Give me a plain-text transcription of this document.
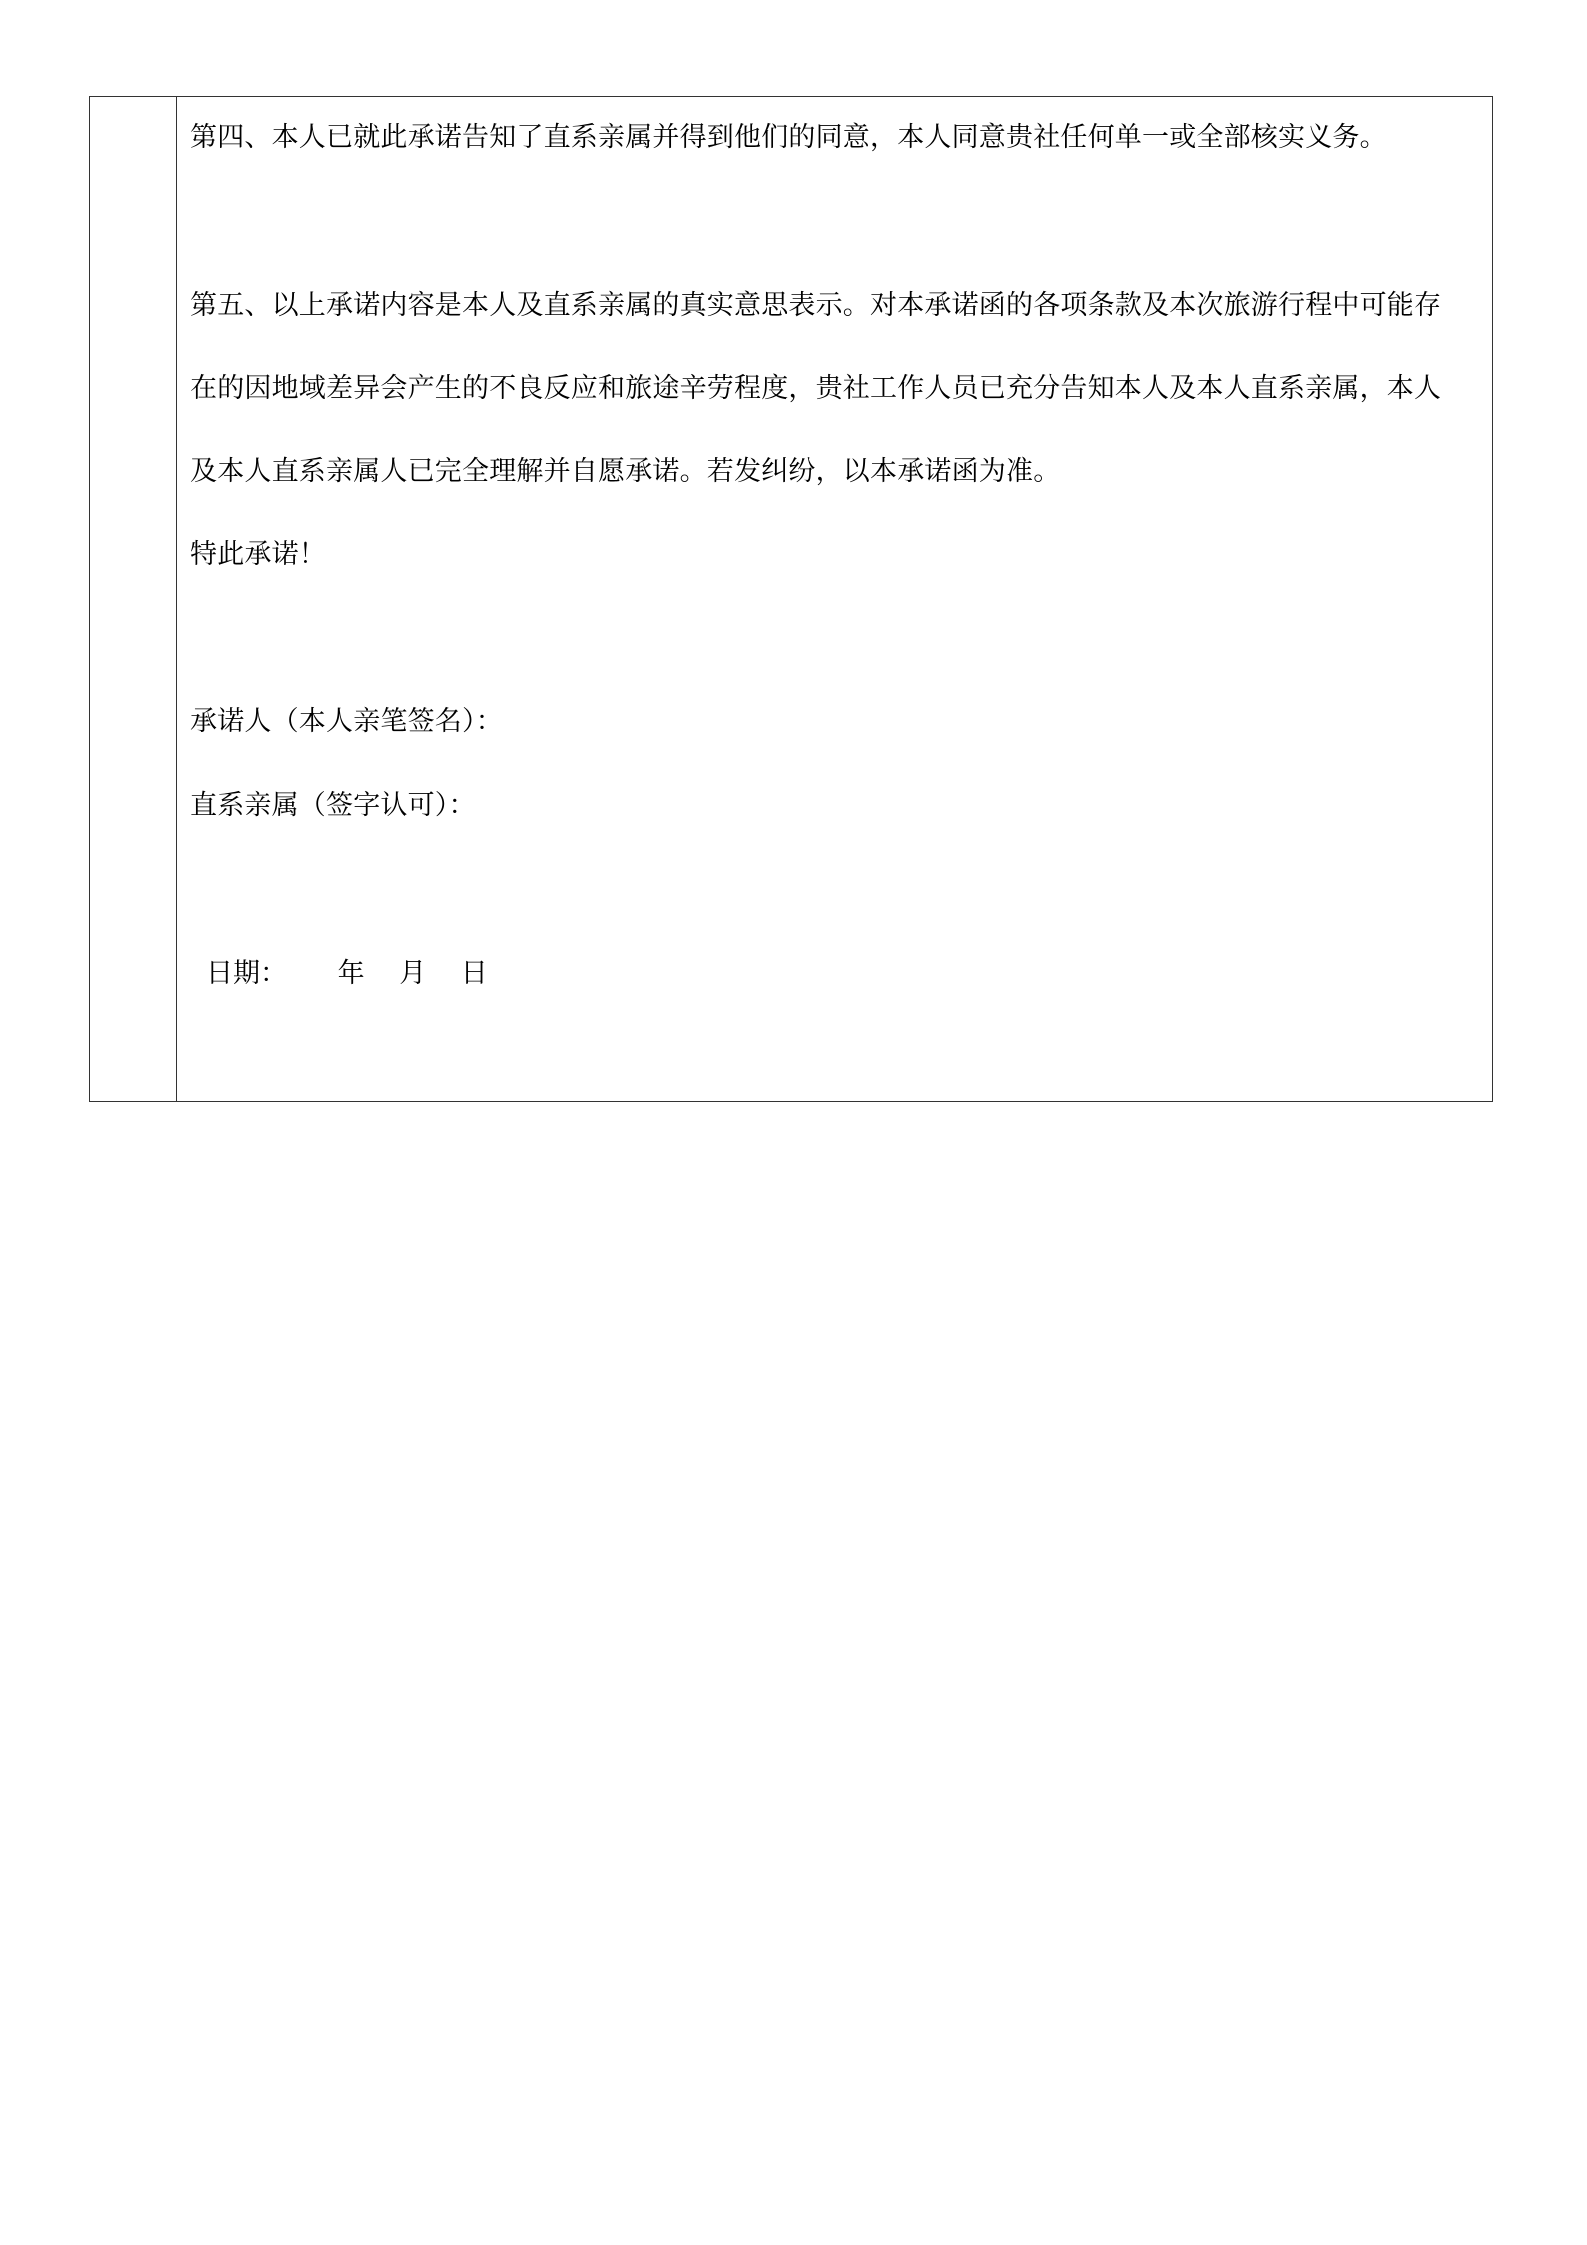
第四、本人已就此承诺告知了直系亲属并得到他们的同意，本人同意贵社任何单一或全部核实义务。
第五、以上承诺内容是本人及直系亲属的真实意思表示。对本承诺函的各项条款及本次旅游行程中可能存
在的因地域差异会产生的不良反应和旅途辛劳程度，贵社工作人员已充分告知本人及本人直系亲属，本人
及本人直系亲属人已完全理解并自愿承诺。若发纠纷，以本承诺函为准。
特此承诺！
承诺人（本人亲笔签名）：
直系亲属（签字认可）：
日期： 年 月 日
